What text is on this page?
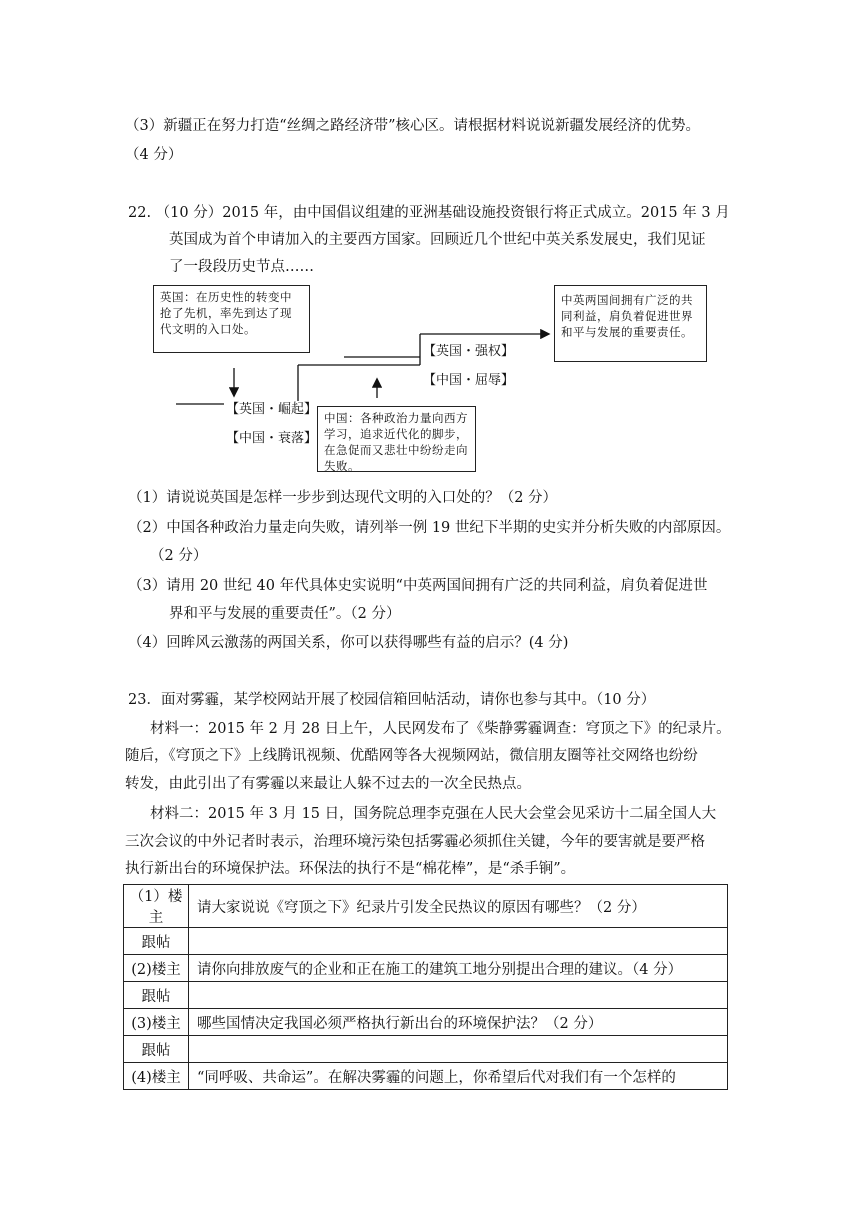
（3）新疆正在努力打造“丝绸之路经济带”核心区。请根据材料说说新疆发展经济的优势。
（4 分）
22. （10 分）2015 年，由中国倡议组建的亚洲基础设施投资银行将正式成立。2015 年 3 月
英国成为首个申请加入的主要西方国家。回顾近几个世纪中英关系发展史，我们见证
了一段段历史节点……
英国：在历史性的转变中抢了先机，率先到达了现代文明的入口处。
【英国・强权】
【中国・屈辱】
【英国・崛起】
【中国・衰落】
中国：各种政治力量向西方学习，追求近代化的脚步，在急促而又悲壮中纷纷走向失败。
中英两国间拥有广泛的共同利益，肩负着促进世界和平与发展的重要责任。
（1）请说说英国是怎样一步步到达现代文明的入口处的？（2 分）
（2）中国各种政治力量走向失败，请列举一例 19 世纪下半期的史实并分析失败的内部原因。
（2 分）
（3）请用 20 世纪 40 年代具体史实说明“中英两国间拥有广泛的共同利益，肩负着促进世
界和平与发展的重要责任”。（2 分）
（4）回眸风云激荡的两国关系，你可以获得哪些有益的启示？(4 分)
23．面对雾霾，某学校网站开展了校园信箱回帖活动，请你也参与其中。（10 分）
材料一：2015 年 2 月 28 日上午，人民网发布了《柴静雾霾调查：穹顶之下》的纪录片。
随后，《穹顶之下》上线腾讯视频、优酷网等各大视频网站，微信朋友圈等社交网络也纷纷
转发，由此引出了有雾霾以来最让人躲不过去的一次全民热点。
材料二：2015 年 3 月 15 日，国务院总理李克强在人民大会堂会见采访十二届全国人大
三次会议的中外记者时表示，治理环境污染包括雾霾必须抓住关键，今年的要害就是要严格
执行新出台的环境保护法。环保法的执行不是“棉花棒”，是“杀手锏”。
（1）楼主	请大家说说《穹顶之下》纪录片引发全民热议的原因有哪些？（2 分）
跟帖	
(2)楼主	请你向排放废气的企业和正在施工的建筑工地分别提出合理的建议。（4 分）
跟帖	
(3)楼主	哪些国情决定我国必须严格执行新出台的环境保护法？（2 分）
跟帖	
(4)楼主	“同呼吸、共命运”。在解决雾霾的问题上，你希望后代对我们有一个怎样的
